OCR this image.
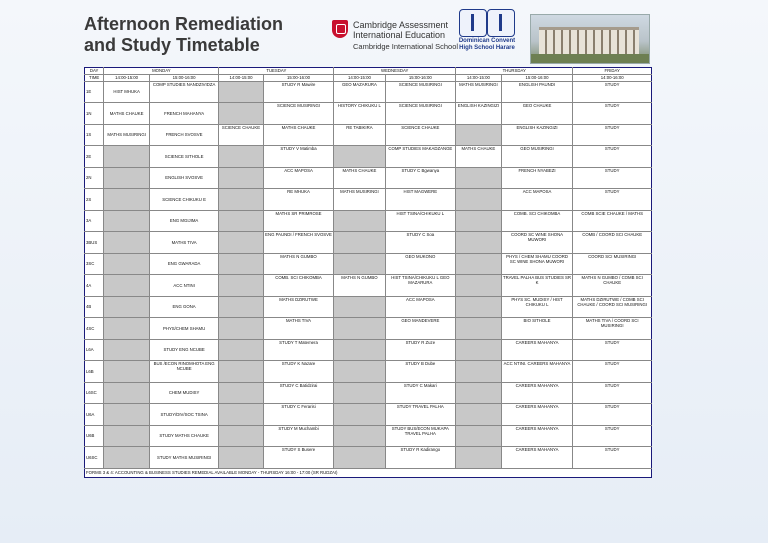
Afternoon Remediation
and Study Timetable
Cambridge Assessment
International Education
Cambridge International School
Dominican Convent
High School Harare
DAY	MONDAY		TUESDAY		WEDNESDAY		THURSDAY		FRIDAY
TIME	14:00-15:00	15:00-16:00	14:00-15:00	15:00-16:00	14:00-15:00	15:00-16:00	14:00-15:00	15:00-16:00	14:00-16:00
1E	HIST MHUKA	COMP STUDIES NANDZIVIDZA		STUDY R Mawire	GEO MAZARURA	SCIENCE MUSIRINGI	MATHS MUSIRINGI	ENGLISH PAUNDI	STUDY
1N	MATHS CHAUKE	FRENCH MAHANYA		SCIENCE MUSIRINGI	HISTORY CHIKUKU L	SCIENCE MUSIRINGI	ENGLISH KAZINGIZI	GEO CHAUKE	STUDY
1S	MATHS MUSIRINGI	FRENCH SVOSVE	SCIENCE CHAUKE	MATHS CHAUKE	RE TABIKIRA	SCIENCE CHAUKE		ENGLISH KAZINGIZI	STUDY
2E		SCIENCE SITHOLE		STUDY V Matimba		COMP STUDIES MAKADZANGE	MATHS CHAUKE	GEO MUSIRINGI	STUDY
2N		ENGLISH SVOSVE		ACC MAPOSA	MATHS CHAUKE	STUDY C Bgwanya		FRENCH NYABEZI	STUDY
2S		SCIENCE CHIKUKU E		RE MHUKA	MATHS MUSIRINGI	HIST MAGWERE		ACC MAPOSA	STUDY
3A		ENG MGIJIMA		MATHS SR PRIMROSE		HIST TSINA/CHIKUKU L		COMB. SCI CHIKOMBA	COMB SCIE CHAUKE / MATHS
3BUS		MATHS TIVA		ENG PAUNDI / FRENCH SVOSVE		STUDY C Soa		COORD SC WINE SHONA MUWORI	COMB / COORD SCI CHAUKE
3SC		ENG GWARADA		MATHS N GUMBO		GEO MUKONO		PHYS / CHEM SHAMU COORD SC WINE SHONA MUWORI	COORD SCI MUSIRINGI
4A		ACC NTINI		COMB. SCI CHIKOMBA	MATHS N GUMBO	HIST TSINA/CHIKUKU L GEO MAZARURA		TRAVEL PALHA BUS STUDIES SR K	MATHS N GUMBO / COMB SCI CHAUKE
4B		ENG GONA		MATHS DZIRUTWE		ACC MAPOSA		PHYS SC. MUDISY / HIST CHIKUKU L	MATHS DZIRUTWE / COMB SCI CHAUKE / COORD SCI MUSIRINGI
4SC		PHYS/CHEM SHAMU		MATHS TIVA		GEO MANDEVERE		BIO SITHOLE	MATHS TIVA / COORD SCI MUSIRINGI
L6A		STUDY ENG NCUBE		STUDY T Matemera		STUDY R Zuze		CAREERS MAHANYA	STUDY
L6B		BUS /ECON RINOMHOTA ENG NCUBE		STUDY K Nazare		STUDY B Dube		ACC NTINI. CAREERS MAHANYA	STUDY
L6SC		CHEM MUDISY		STUDY C Batidzirai		STUDY C Makari		CAREERS MAHANYA	STUDY
U6A		STUDY/DIV/SOC TSINA		STUDY C Ferarisi		STUDY TRAVEL PALHA		CAREERS MAHANYA	STUDY
U6B		STUDY MATHS CHAUKE		STUDY M Muchambi		STUDY BUS/ECON MUKAPA TRAVEL PALHA		CAREERS MAHANYA	STUDY
U6SC		STUDY MATHS MUSIRINGI		STUDY S Busere		STUDY R Kadirango		CAREERS MAHANYA	STUDY
FORMS 3 & 4: ACCOUNTING & BUSINESS STUDIES REMEDIAL AVAILABLE MONDAY - THURSDAY 16:00 - 17:00 (SR RUDZAI)									
